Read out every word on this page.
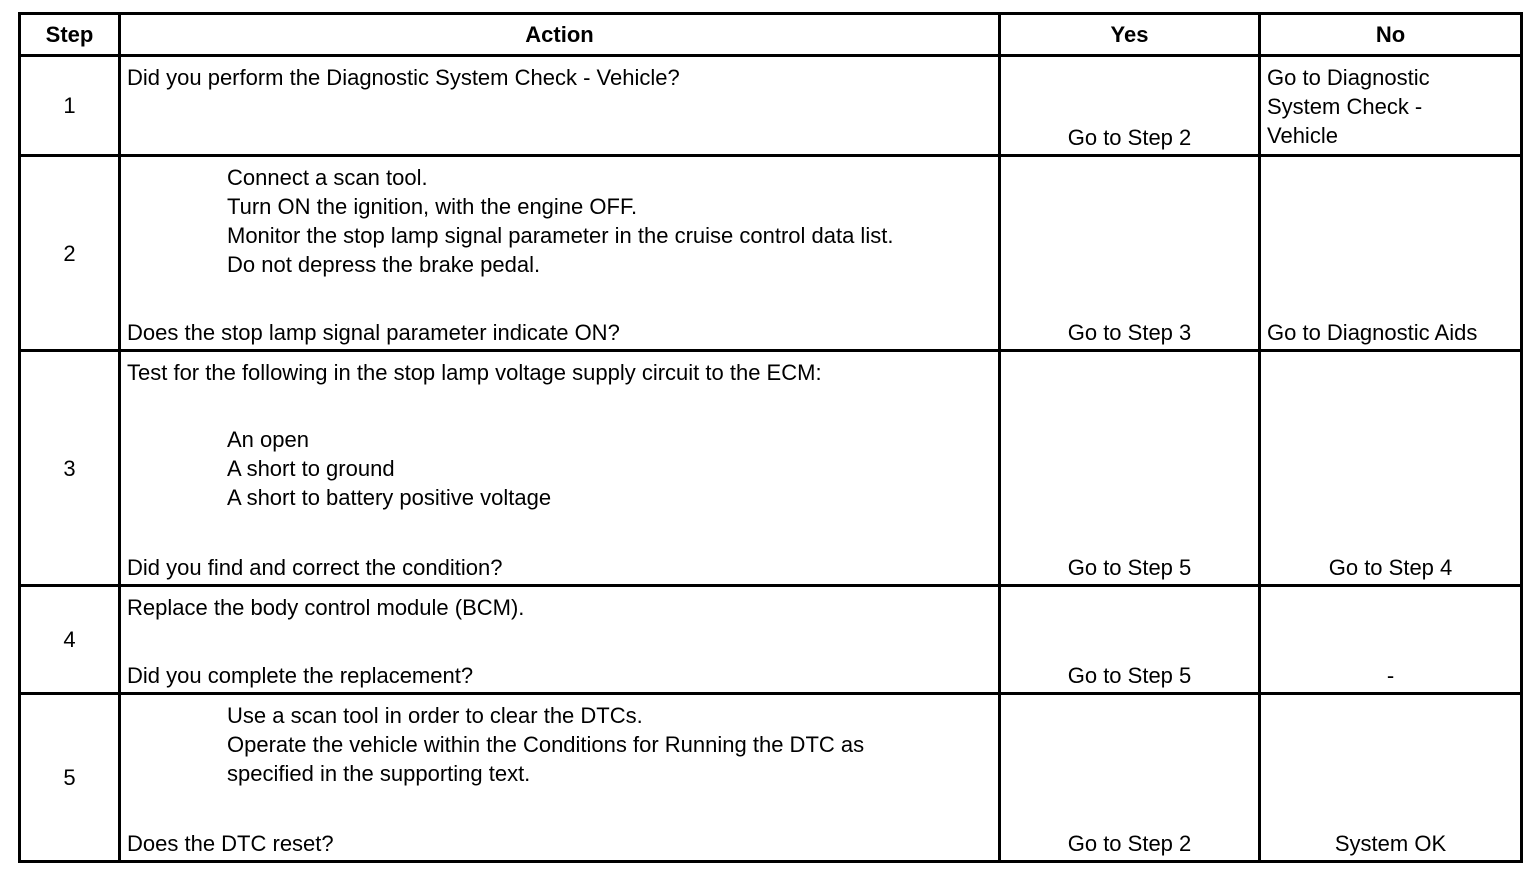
Step	Action	Yes	No
1	Did you perform the Diagnostic System Check - Vehicle?	Go to Step 2	Go to Diagnostic
System Check -
Vehicle

2	Connect a scan tool.
Turn ON the ignition, with the engine OFF.
Monitor the stop lamp signal parameter in the cruise control data list.
Do not depress the brake pedal.
Does the stop lamp signal parameter indicate ON?	Go to Step 3	Go to Diagnostic Aids
3	Test for the following in the stop lamp voltage supply circuit to the ECM:
An open
A short to ground
A short to battery positive voltage
Did you find and correct the condition?	Go to Step 5	Go to Step 4
4	Replace the body control module (BCM).
Did you complete the replacement?	Go to Step 5	-
5	Use a scan tool in order to clear the DTCs.
Operate the vehicle within the Conditions for Running the DTC as
specified in the supporting text.
Does the DTC reset?	Go to Step 2	System OK
